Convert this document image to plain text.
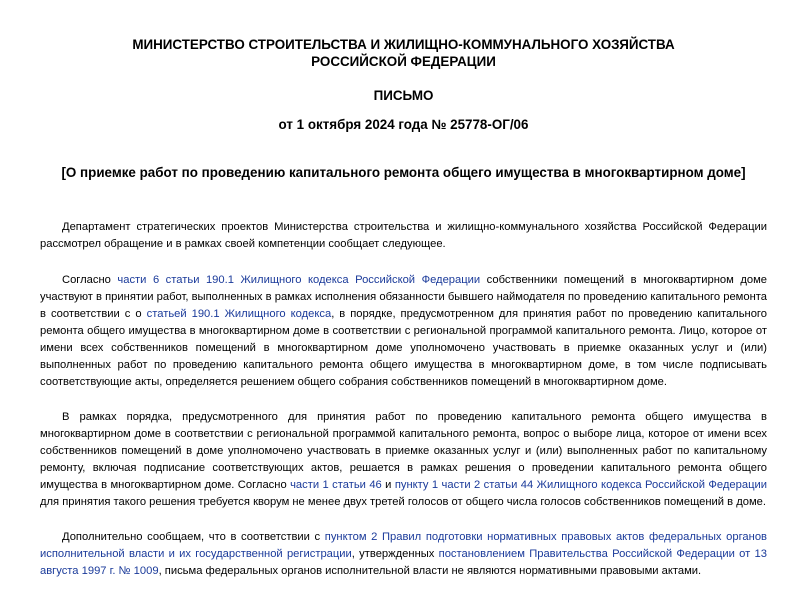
МИНИСТЕРСТВО СТРОИТЕЛЬСТВА И ЖИЛИЩНО-КОММУНАЛЬНОГО ХОЗЯЙСТВА РОССИЙСКОЙ ФЕДЕРАЦИИ
ПИСЬМО
от 1 октября 2024 года № 25778-ОГ/06
[О приемке работ по проведению капитального ремонта общего имущества в многоквартирном доме]

Департамент стратегических проектов Министерства строительства и жилищно-коммунального хозяйства Российской Федерации рассмотрел обращение и в рамках своей компетенции сообщает следующее.

Согласно части 6 статьи 190.1 Жилищного кодекса Российской Федерации собственники помещений в многоквартирном доме участвуют в принятии работ, выполненных в рамках исполнения обязанности бывшего наймодателя по проведению капитального ремонта в соответствии с о статьей 190.1 Жилищного кодекса, в порядке, предусмотренном для принятия работ по проведению капитального ремонта общего имущества в многоквартирном доме в соответствии с региональной программой капитального ремонта. Лицо, которое от имени всех собственников помещений в многоквартирном доме уполномочено участвовать в приемке оказанных услуг и (или) выполненных работ по проведению капитального ремонта общего имущества в многоквартирном доме, в том числе подписывать соответствующие акты, определяется решением общего собрания собственников помещений в многоквартирном доме.

В рамках порядка, предусмотренного для принятия работ по проведению капитального ремонта общего имущества в многоквартирном доме в соответствии с региональной программой капитального ремонта, вопрос о выборе лица, которое от имени всех собственников помещений в доме уполномочено участвовать в приемке оказанных услуг и (или) выполненных работ по капитальному ремонту, включая подписание соответствующих актов, решается в рамках решения о проведении капитального ремонта общего имущества в многоквартирном доме. Согласно части 1 статьи 46 и пункту 1 части 2 статьи 44 Жилищного кодекса Российской Федерации для принятия такого решения требуется кворум не менее двух третей голосов от общего числа голосов собственников помещений в доме.

Дополнительно сообщаем, что в соответствии с пунктом 2 Правил подготовки нормативных правовых актов федеральных органов исполнительной власти и их государственной регистрации, утвержденных постановлением Правительства Российской Федерации от 13 августа 1997 г. № 1009, письма федеральных органов исполнительной власти не являются нормативными правовыми актами.
